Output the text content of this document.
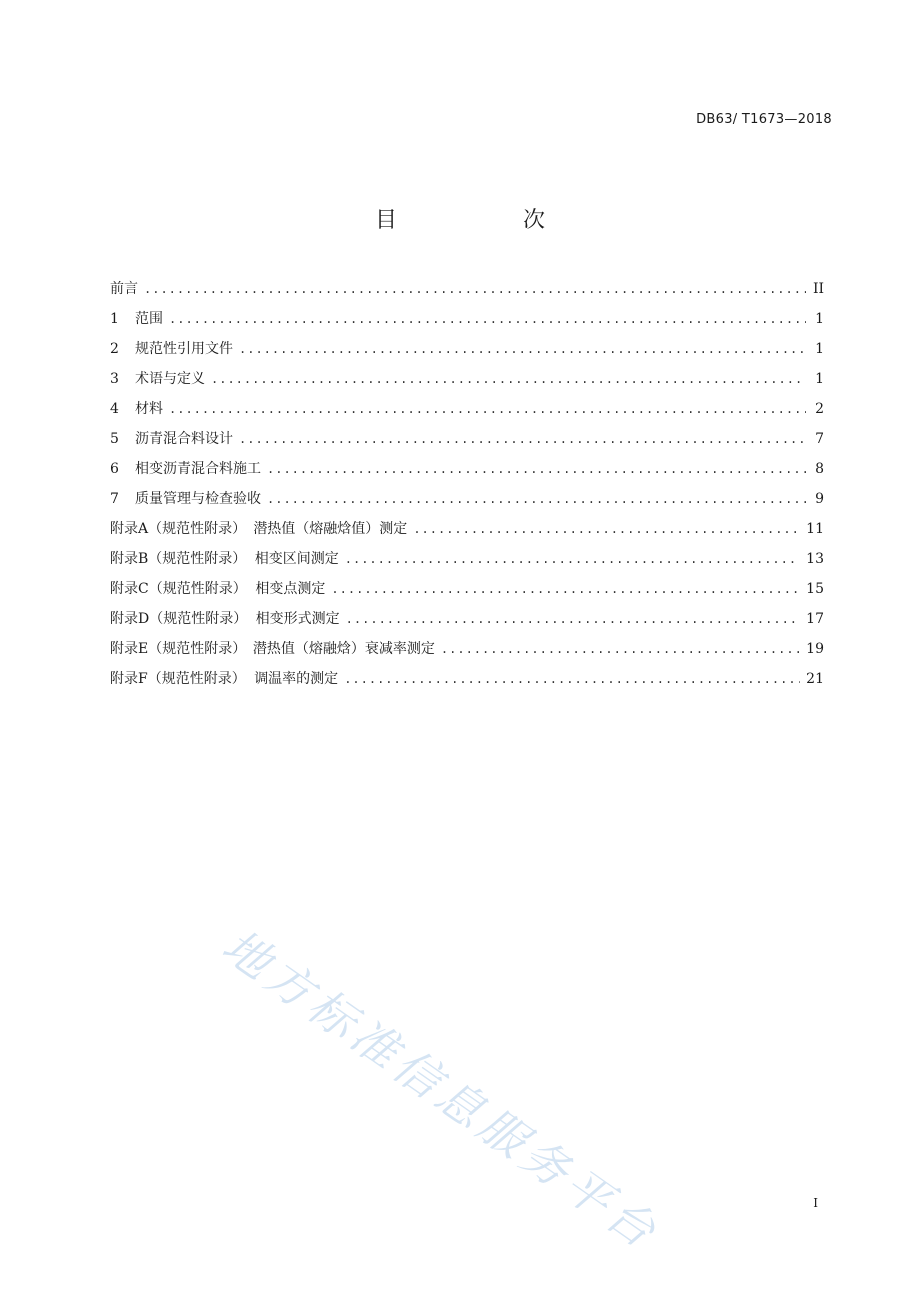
DB63/ T1673—2018
目　次
前言 .....	II
1	范围 .....	1
2	规范性引用文件 .....	1
3	术语与定义 .....	1
4	材料 .....	2
5	沥青混合料设计 .....	7
6	相变沥青混合料施工 .....	8
7	质量管理与检查验收 .....	9
附录A（规范性附录） 潜热值（熔融焓值）测定 .....	11
附录B（规范性附录） 相变区间测定 .....	13
附录C（规范性附录） 相变点测定 .....	15
附录D（规范性附录） 相变形式测定 .....	17
附录E（规范性附录） 潜热值（熔融焓）衰减率测定 .....	19
附录F（规范性附录） 调温率的测定 .....	21
地方标准信息服务平台	I
